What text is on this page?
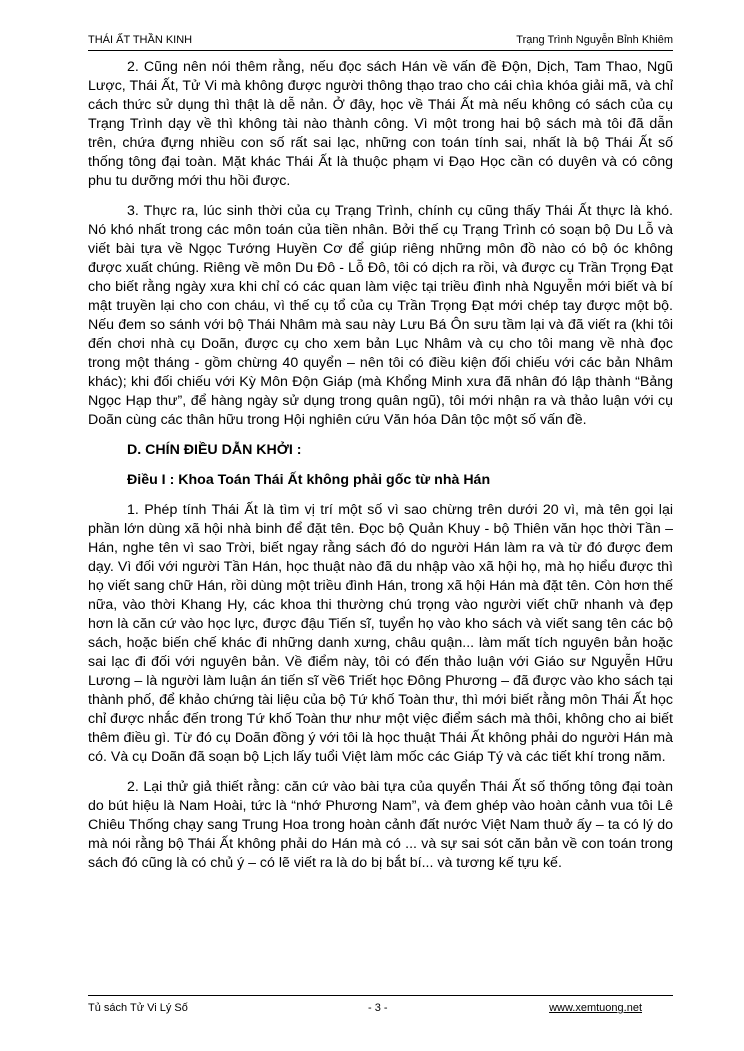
THÁI ẤT THẦN KINH	Trạng Trình Nguyễn Bỉnh Khiêm

2. Cũng nên nói thêm rằng, nếu đọc sách Hán về vấn đề Độn, Dịch, Tam Thao, Ngũ Lược, Thái Ất, Tử Vi mà không được người thông thạo trao cho cái chìa khóa giải mã, và chỉ cách thức sử dụng thì thật là dễ nản. Ở đây, học về Thái Ất mà nếu không có sách của cụ Trạng Trình dạy về thì không tài nào thành công. Vì một trong hai bộ sách mà tôi đã dẫn trên, chứa đựng nhiều con số rất sai lạc, những con toán tính sai, nhất là bộ Thái Ất số thống tông đại toàn. Mặt khác Thái Ất là thuộc phạm vi Đạo Học cần có duyên và có công phu tu dưỡng mới thu hồi được.

3. Thực ra, lúc sinh thời của cụ Trạng Trình, chính cụ cũng thấy Thái Ất thực là khó. Nó khó nhất trong các môn toán của tiền nhân. Bởi thế cụ Trạng Trình có soạn bộ Du Lỗ và viết bài tựa về Ngọc Tướng Huyền Cơ để giúp riêng những môn đồ nào có bộ óc không được xuất chúng. Riêng về môn Du Đô - Lỗ Đô, tôi có dịch ra rồi, và được cụ Trần Trọng Đạt cho biết rằng ngày xưa khi chỉ có các quan làm việc tại triều đình nhà Nguyễn mới biết và bí mật truyền lại cho con cháu, vì thế cụ tổ của cụ Trần Trọng Đạt mới chép tay được một bộ. Nếu đem so sánh với bộ Thái Nhâm mà sau này Lưu Bá Ôn sưu tầm lại và đã viết ra (khi tôi đến chơi nhà cụ Doãn, được cụ cho xem bản Lục Nhâm và cụ cho tôi mang về nhà đọc trong một tháng - gồm chừng 40 quyển – nên tôi có điều kiện đối chiếu với các bản Nhâm khác); khi đối chiếu với Kỳ Môn Độn Giáp (mà Khổng Minh xưa đã nhân đó lập thành “Bảng Ngọc Hạp thư”, để hàng ngày sử dụng trong quân ngũ), tôi mới nhận ra và thảo luận với cụ Doãn cùng các thân hữu trong Hội nghiên cứu Văn hóa Dân tộc một số vấn đề.

D. CHÍN ĐIỀU DẪN KHỞI :
Điều I : Khoa Toán Thái Ất không phải gốc từ nhà Hán

1. Phép tính Thái Ất là tìm vị trí một số vì sao chừng trên dưới 20 vì, mà tên gọi lại phần lớn dùng xã hội nhà binh để đặt tên. Đọc bộ Quản Khuy - bộ Thiên văn học thời Tần – Hán, nghe tên vì sao Trời, biết ngay rằng sách đó do người Hán làm ra và từ đó được đem dạy. Vì đối với người Tần Hán, học thuật nào đã du nhập vào xã hội họ, mà họ hiểu được thì họ viết sang chữ Hán, rồi dùng một triều đình Hán, trong xã hội Hán mà đặt tên. Còn hơn thế nữa, vào thời Khang Hy, các khoa thi thường chú trọng vào người viết chữ nhanh và đẹp hơn là căn cứ vào học lực, được đậu Tiến sĩ, tuyển họ vào kho sách và viết sang tên các bộ sách, hoặc biến chế khác đi những danh xưng, châu quận... làm mất tích nguyên bản hoặc sai lạc đi đối với nguyên bản. Về điểm này, tôi có đến thảo luận với Giáo sư Nguyễn Hữu Lương – là người làm luận án tiến sĩ về6 Triết học Đông Phương – đã được vào kho sách tại thành phố, để khảo chứng tài liệu của bộ Tứ khố Toàn thư, thì mới biết rằng môn Thái Ất học chỉ được nhắc đến trong Tứ khố Toàn thư như một việc điểm sách mà thôi, không cho ai biết thêm điều gì. Từ đó cụ Doãn đồng ý với tôi là học thuật Thái Ất không phải do người Hán mà có. Và cụ Doãn đã soạn bộ Lịch lấy tuổi Việt làm mốc các Giáp Tý và các tiết khí trong năm.

2. Lại thử giả thiết rằng: căn cứ vào bài tựa của quyển Thái Ất số thống tông đại toàn do bút hiệu là Nam Hoài, tức là “nhớ Phương Nam”, và đem ghép vào hoàn cảnh vua tôi Lê Chiêu Thống chạy sang Trung Hoa trong hoàn cảnh đất nước Việt Nam thuở ấy – ta có lý do mà nói rằng bộ Thái Ất không phải do Hán mà có ... và sự sai sót căn bản về con toán trong sách đó cũng là có chủ ý – có lẽ viết ra là do bị bắt bí... và tương kế tựu kế.

Tủ sách Tử Vi Lý Số	- 3 -	www.xemtuong.net
